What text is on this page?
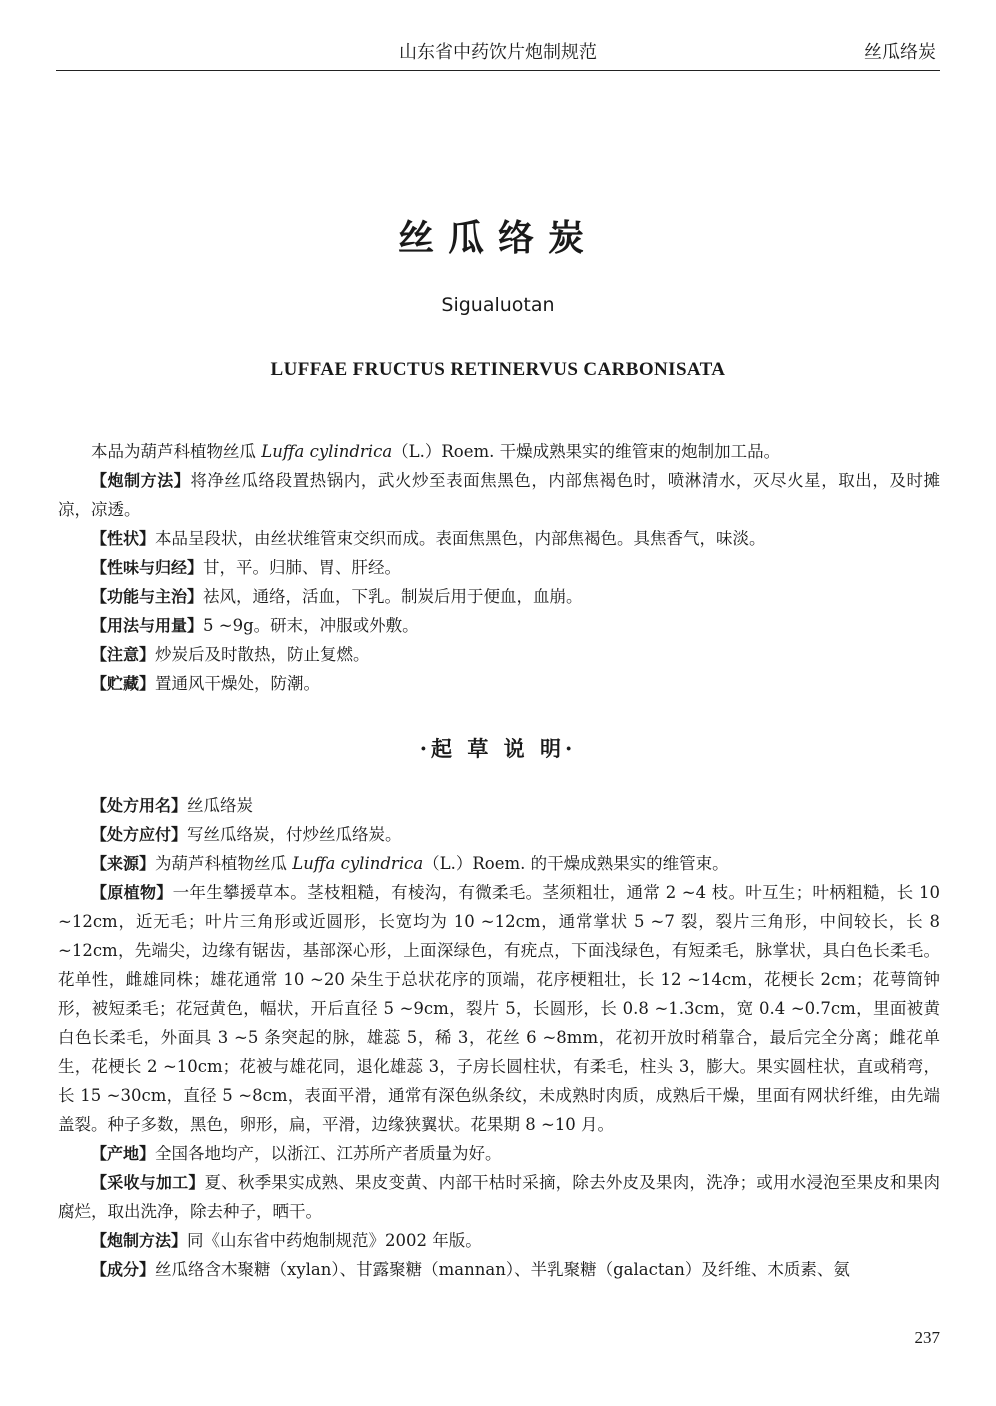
山东省中药饮片炮制规范	丝瓜络炭
丝瓜络炭
Sigualuotan
LUFFAE FRUCTUS RETINERVUS CARBONISATA

本品为葫芦科植物丝瓜 Luffa cylindrica（L.）Roem. 干燥成熟果实的维管束的炮制加工品。

【炮制方法】将净丝瓜络段置热锅内，武火炒至表面焦黑色，内部焦褐色时，喷淋清水，灭尽火星，取出，及时摊凉，凉透。

【性状】本品呈段状，由丝状维管束交织而成。表面焦黑色，内部焦褐色。具焦香气，味淡。

【性味与归经】甘，平。归肺、胃、肝经。

【功能与主治】祛风，通络，活血，下乳。制炭后用于便血，血崩。

【用法与用量】5 ~9g。研末，冲服或外敷。

【注意】炒炭后及时散热，防止复燃。

【贮藏】置通风干燥处，防潮。

·起 草 说 明·

【处方用名】丝瓜络炭

【处方应付】写丝瓜络炭，付炒丝瓜络炭。

【来源】为葫芦科植物丝瓜 Luffa cylindrica（L.）Roem. 的干燥成熟果实的维管束。

【原植物】一年生攀援草本。茎枝粗糙，有棱沟，有微柔毛。茎须粗壮，通常 2 ~4 枝。叶互生；叶柄粗糙，长 10 ~12cm，近无毛；叶片三角形或近圆形，长宽均为 10 ~12cm，通常掌状 5 ~7 裂，裂片三角形，中间较长，长 8 ~12cm，先端尖，边缘有锯齿，基部深心形，上面深绿色，有疣点，下面浅绿色，有短柔毛，脉掌状，具白色长柔毛。花单性，雌雄同株；雄花通常 10 ~20 朵生于总状花序的顶端，花序梗粗壮，长 12 ~14cm，花梗长 2cm；花萼筒钟形，被短柔毛；花冠黄色，幅状，开后直径 5 ~9cm，裂片 5，长圆形，长 0.8 ~1.3cm，宽 0.4 ~0.7cm，里面被黄白色长柔毛，外面具 3 ~5 条突起的脉，雄蕊 5，稀 3，花丝 6 ~8mm，花初开放时稍靠合，最后完全分离；雌花单生，花梗长 2 ~10cm；花被与雄花同，退化雄蕊 3，子房长圆柱状，有柔毛，柱头 3，膨大。果实圆柱状，直或稍弯，长 15 ~30cm，直径 5 ~8cm，表面平滑，通常有深色纵条纹，未成熟时肉质，成熟后干燥，里面有网状纤维，由先端盖裂。种子多数，黑色，卵形，扁，平滑，边缘狭翼状。花果期 8 ~10 月。

【产地】全国各地均产，以浙江、江苏所产者质量为好。

【采收与加工】夏、秋季果实成熟、果皮变黄、内部干枯时采摘，除去外皮及果肉，洗净；或用水浸泡至果皮和果肉腐烂，取出洗净，除去种子，晒干。

【炮制方法】同《山东省中药炮制规范》2002 年版。

【成分】丝瓜络含木聚糖（xylan）、甘露聚糖（mannan）、半乳聚糖（galactan）及纤维、木质素、氨

237
